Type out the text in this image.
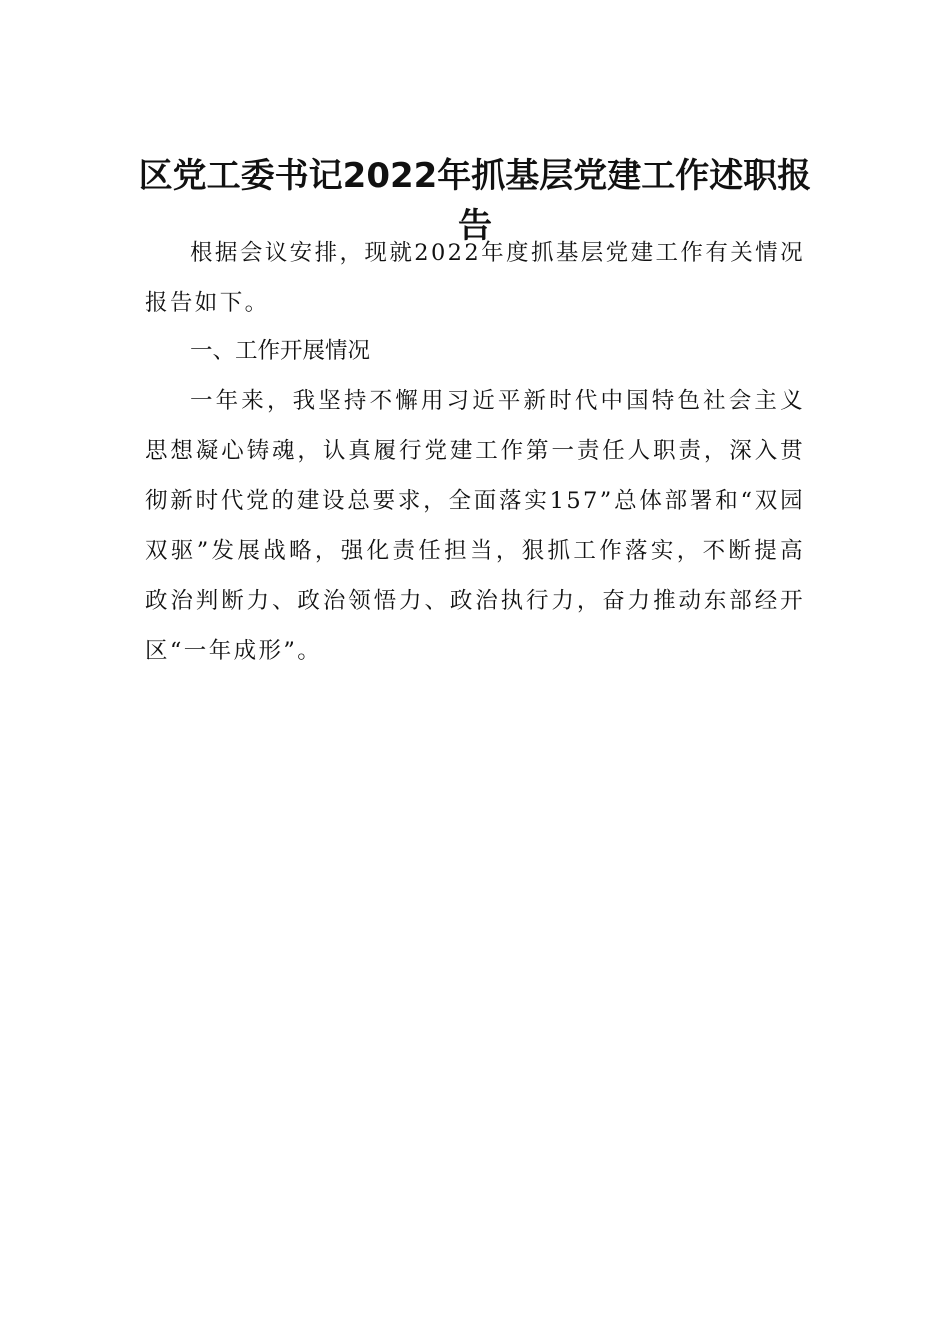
区党工委书记2022年抓基层党建工作述职报告

根据会议安排，现就2022年度抓基层党建工作有关情况报告如下。

一、工作开展情况

一年来，我坚持不懈用习近平新时代中国特色社会主义思想凝心铸魂，认真履行党建工作第一责任人职责，深入贯彻新时代党的建设总要求，全面落实157”总体部署和“双园双驱”发展战略，强化责任担当，狠抓工作落实，不断提高政治判断力、政治领悟力、政治执行力，奋力推动东部经开区“一年成形”。
